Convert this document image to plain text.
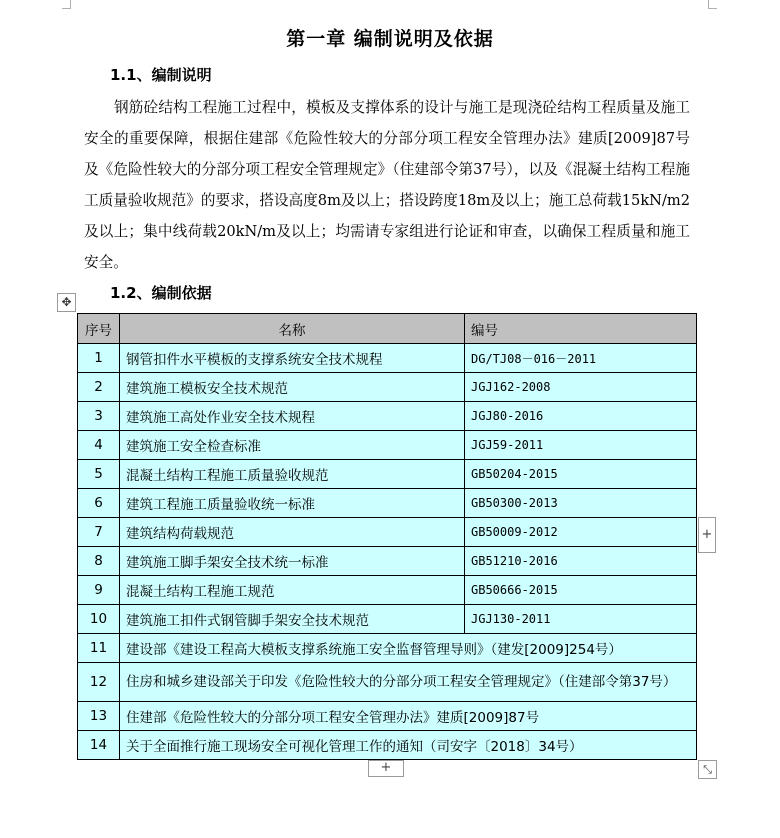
第一章 编制说明及依据
1.1、编制说明
钢筋砼结构工程施工过程中，模板及支撑体系的设计与施工是现浇砼结构工程质量及施工安全的重要保障，根据住建部《危险性较大的分部分项工程安全管理办法》建质[2009]87号及《危险性较大的分部分项工程安全管理规定》（住建部令第37号），以及《混凝土结构工程施工质量验收规范》的要求，搭设高度8m及以上；搭设跨度18m及以上；施工总荷载15kN/m2及以上；集中线荷载20kN/m及以上；均需请专家组进行论证和审查，以确保工程质量和施工安全。
1.2、编制依据
✥
序号	名称	编号
1	钢管扣件水平模板的支撑系统安全技术规程	DG/TJ08－016－2011
2	建筑施工模板安全技术规范	JGJ162-2008
3	建筑施工高处作业安全技术规程	JGJ80-2016
4	建筑施工安全检查标准	JGJ59-2011
5	混凝土结构工程施工质量验收规范	GB50204-2015
6	建筑工程施工质量验收统一标准	GB50300-2013
7	建筑结构荷载规范	GB50009-2012
8	建筑施工脚手架安全技术统一标准	GB51210-2016
9	混凝土结构工程施工规范	GB50666-2015
10	建筑施工扣件式钢管脚手架安全技术规范	JGJ130-2011
11	建设部《建设工程高大模板支撑系统施工安全监督管理导则》（建发[2009]254号）	
12	住房和城乡建设部关于印发《危险性较大的分部分项工程安全管理规定》（住建部令第37号）	
13	住建部《危险性较大的分部分项工程安全管理办法》建质[2009]87号	
14	关于全面推行施工现场安全可视化管理工作的通知（司安字〔2018〕34号）	
+
+	⤡
